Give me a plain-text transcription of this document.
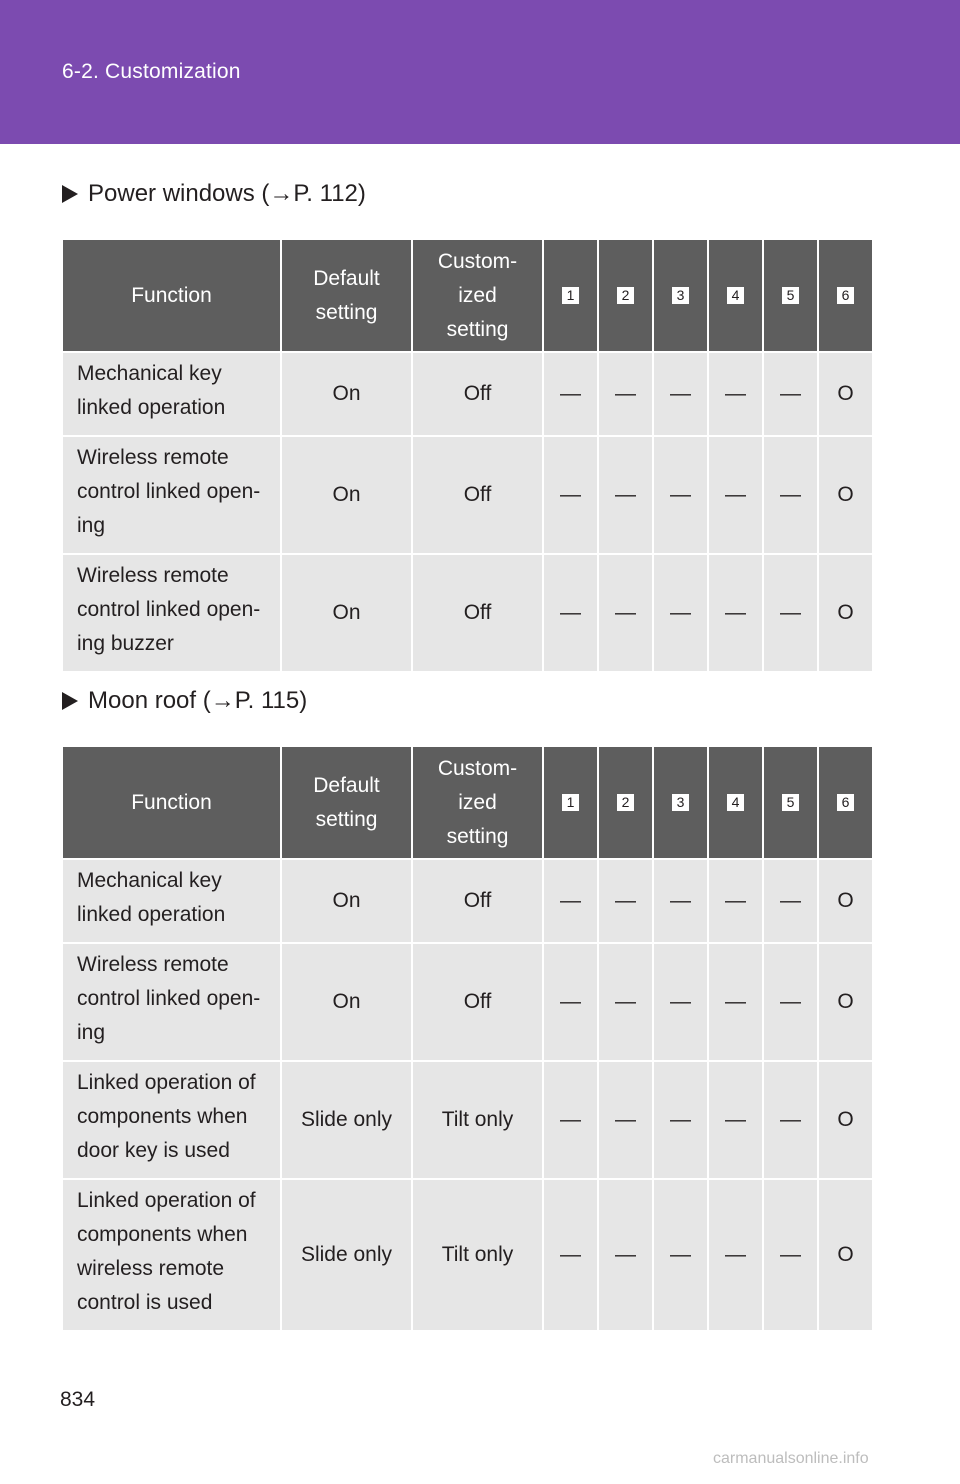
6-2. Customization
Power windows (→P. 112)
Function	Default setting	Custom-ized setting	1	2	3	4	5	6
Mechanical key linked operation	On	Off	—	—	—	—	—	O
Wireless remote control linked open-ing	On	Off	—	—	—	—	—	O
Wireless remote control linked open-ing buzzer	On	Off	—	—	—	—	—	O
Moon roof (→P. 115)
Function	Default setting	Custom-ized setting	1	2	3	4	5	6
Mechanical key linked operation	On	Off	—	—	—	—	—	O
Wireless remote control linked open-ing	On	Off	—	—	—	—	—	O
Linked operation of components when door key is used	Slide only	Tilt only	—	—	—	—	—	O
Linked operation of components when wireless remote control is used	Slide only	Tilt only	—	—	—	—	—	O
834
carmanualsonline.info
